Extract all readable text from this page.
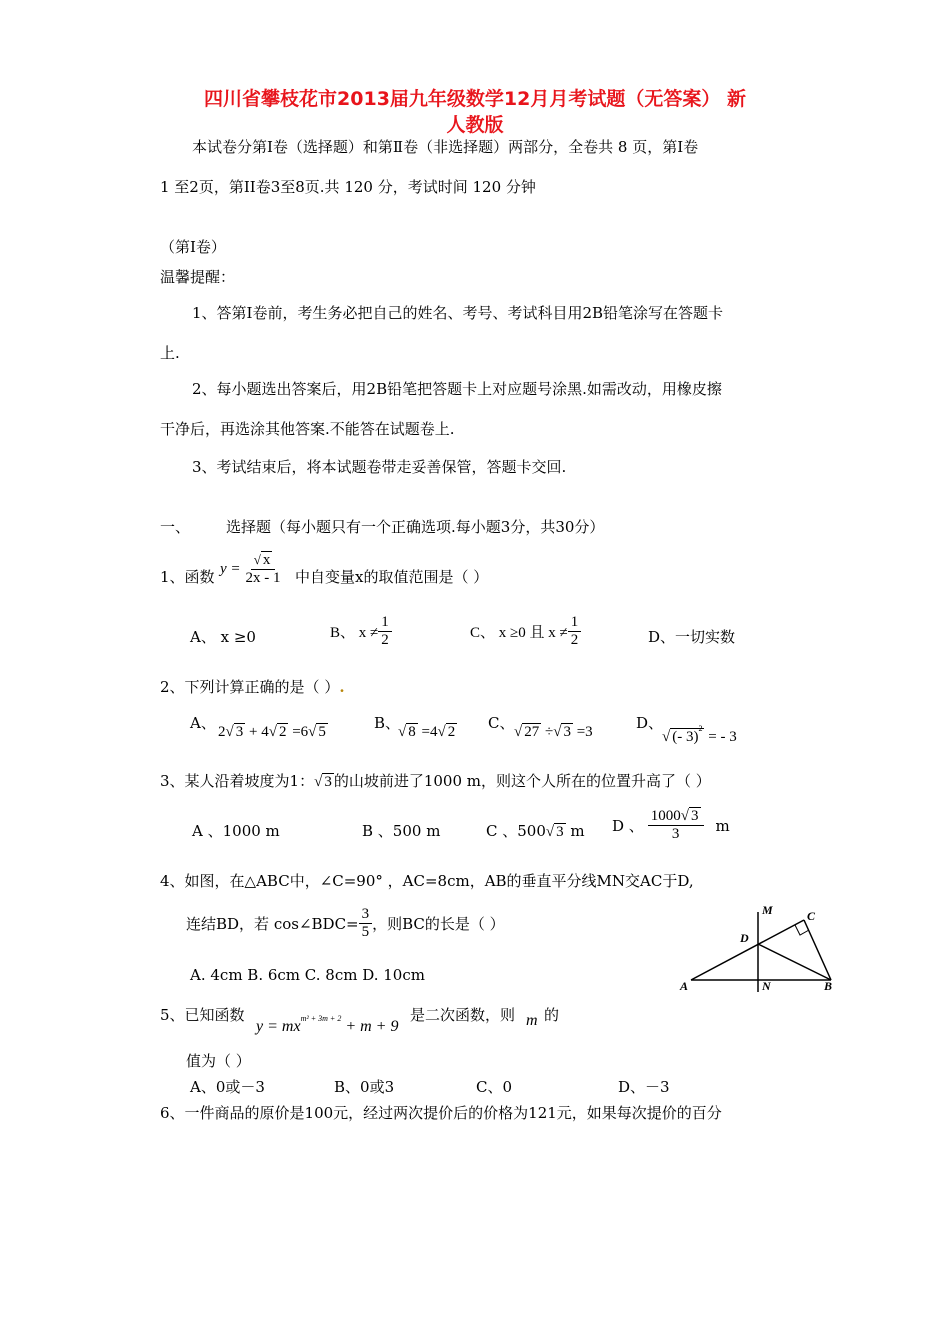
四川省攀枝花市2013届九年级数学12月月考试题（无答案） 新
人教版
本试卷分第Ⅰ卷（选择题）和第Ⅱ卷（非选择题）两部分，全卷共 8 页，第Ⅰ卷
1 至2页，第II卷3至8页.共 120 分，考试时间 120 分钟
（第Ⅰ卷）
温馨提醒：
1、答第Ⅰ卷前，考生务必把自己的姓名、考号、考试科目用2B铅笔涂写在答题卡
上.
2、每小题选出答案后，用2B铅笔把答题卡上对应题号涂黑.如需改动，用橡皮擦
干净后，再选涂其他答案.不能答在试题卷上.
3、考试结束后，将本试题卷带走妥善保管，答题卡交回.
一、 选择题（每小题只有一个正确选项.每小题3分，共30分）
1、函数 $y = \frac{√ x}{2x - 1}$ 中自变量x的取值范围是（ ）
A、 x ≥0	B、 $x \ne \frac{1}{2}$	C、 x ≥0 且 $x \ne \frac{1}{2}$	D、一切实数
2、下列计算正确的是（ ）.
A、 2√ 3 + 4√ 2 =6√ 5	B、
√ 8 =4√ 2 C、 √ 27 ÷√ 3 =3	D、
√ (- 3)$^2$ = - 3
3、某人沿着坡度为1：√ 3 的山坡前进了1000 m，则这个人所在的位置升高了（ ）
A 、1000 m	B 、500 m	C 、500√ 3 m D 、 $\frac{1000√ 3}{3}$ m
4、如图，在△ABC中，∠C=90° ，AC=8cm，AB的垂直平分线MN交AC于D,
连结BD，若 cos∠BDC= $\frac{3}{5}$ ，则BC的长是（ ）
A. 4cm B. 6cm C. 8cm D. 10cm
M	C
D
A	N	B
5、已知函数
$y = mx^{m^2 + 3m + 2} + m + 9$
是二次函数，则 m 的
值为（ ）
A、0或－3	B、0或3	C、0	D、－3
6、一件商品的原价是100元，经过两次提价后的价格为121元，如果每次提价的百分
